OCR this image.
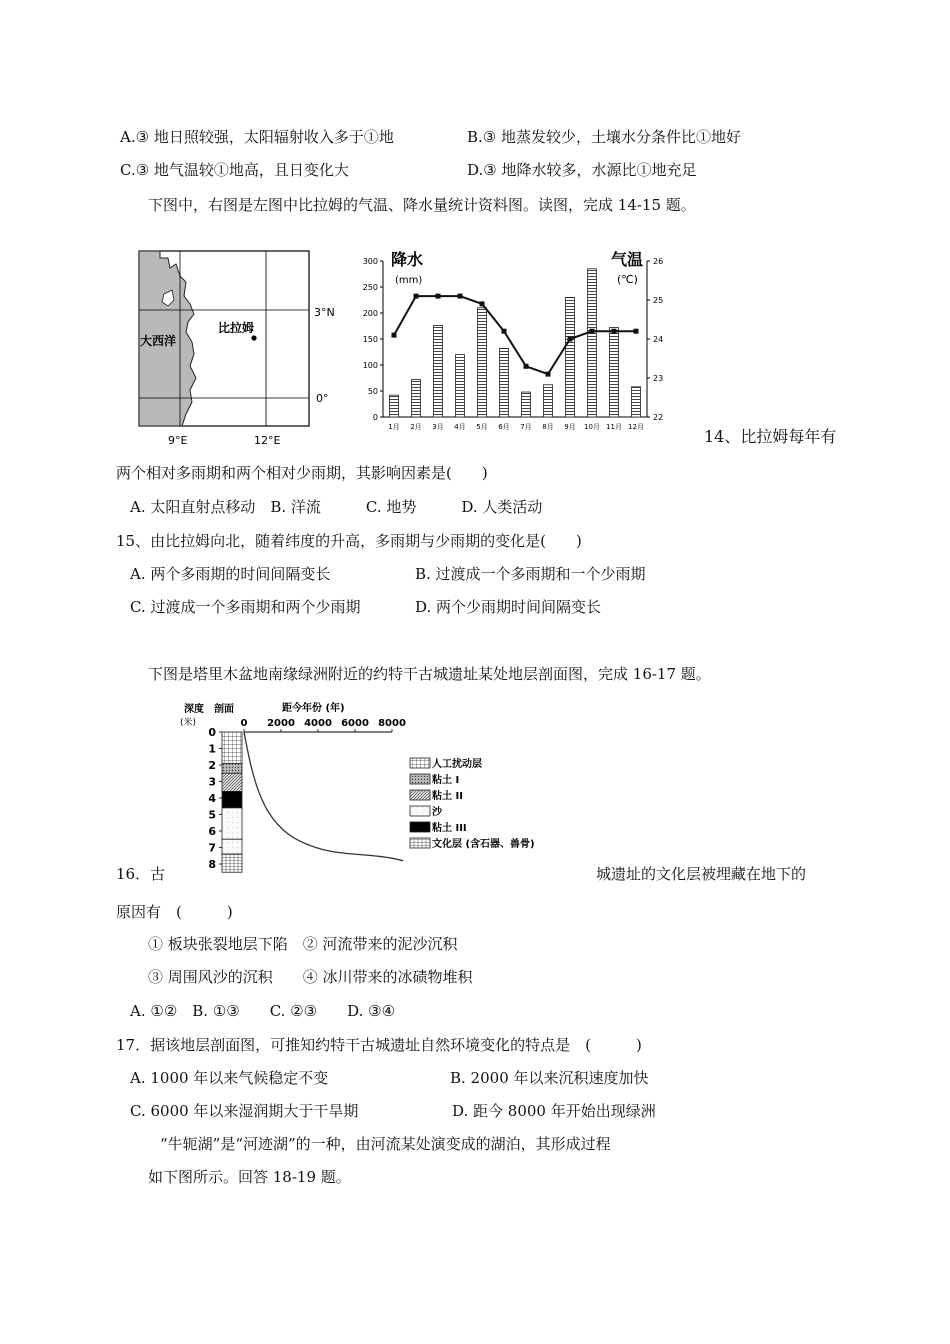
A.③ 地日照较强，太阳辐射收入多于①地	B.③ 地蒸发较少，土壤水分条件比①地好
C.③ 地气温较①地高，且日变化大	D.③ 地降水较多，水源比①地充足
下图中，右图是左图中比拉姆的气温、降水量统计资料图。读图，完成 14-15 题。
大西洋
比拉姆
3°N
0°
9°E	12°E
降水
(mm)
气温
(℃)
0
50
100
150
200
250
300
22
23
24
25
26
1月 2月 3月 4月 5月 6月 7月 8月 9月 10月 11月 12月	14、比拉姆每年有
两个相对多雨期和两个相对少雨期，其影响因素是(　　)
A. 太阳直射点移动　B. 洋流　　　C. 地势　　　D. 人类活动
15、由比拉姆向北，随着纬度的升高，多雨期与少雨期的变化是(　　)
A. 两个多雨期的时间间隔变长	B. 过渡成一个多雨期和一个少雨期
C. 过渡成一个多雨期和两个少雨期	D. 两个少雨期时间间隔变长
下图是塔里木盆地南缘绿洲附近的约特干古城遗址某处地层剖面图，完成 16-17 题。
深度
(米)
剖面	距今年份 (年)
0
1
2
3
4
5
6
7
8
0 2000 4000 6000 8000
人工扰动层
粘土 I
粘土 II
沙
粘土 III
文化层 (含石器、兽骨)
16．古	城遗址的文化层被埋藏在地下的
原因有　(　　　)
① 板块张裂地层下陷　② 河流带来的泥沙沉积
③ 周围风沙的沉积　　④ 冰川带来的冰碛物堆积
A. ①②　B. ①③　　C. ②③　　D. ③④
17．据该地层剖面图，可推知约特干古城遗址自然环境变化的特点是　(　　　)
A. 1000 年以来气候稳定不变	B. 2000 年以来沉积速度加快
C. 6000 年以来湿润期大于干旱期	D. 距今 8000 年开始出现绿洲
“牛轭湖”是“河迹湖”的一种，由河流某处演变成的湖泊，其形成过程
如下图所示。回答 18-19 题。
